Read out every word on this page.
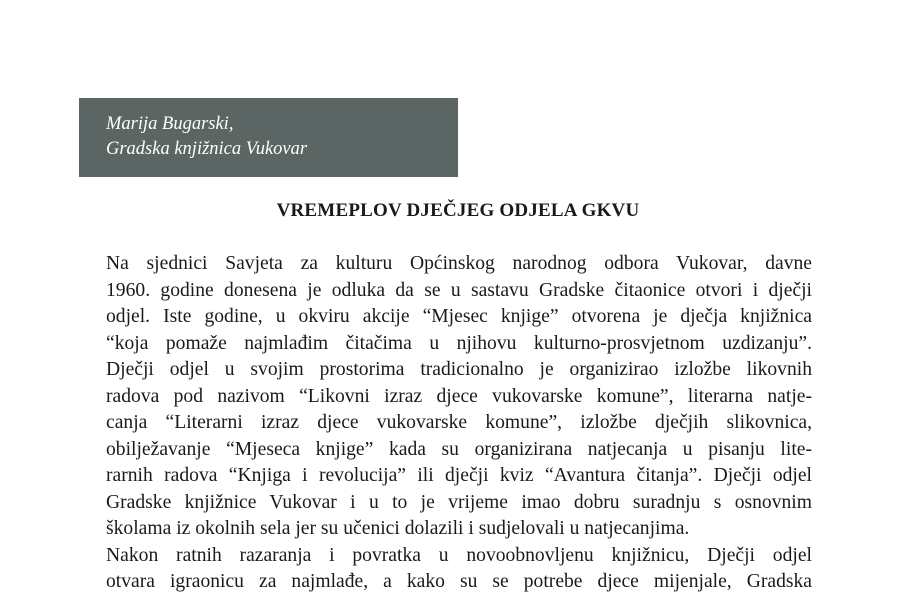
Marija Bugarski,
Gradska knjižnica Vukovar
VREMEPLOV DJEČJEG ODJELA GKVU
Na sjednici Savjeta za kulturu Općinskog narodnog odbora Vukovar, davne
1960. godine donesena je odluka da se u sastavu Gradske čitaonice otvori i dječji
odjel. Iste godine, u okviru akcije “Mjesec knjige” otvorena je dječja knjižnica
“koja pomaže najmlađim čitačima u njihovu kulturno-prosvjetnom uzdizanju”.
Dječji odjel u svojim prostorima tradicionalno je organizirao izložbe likovnih
radova pod nazivom “Likovni izraz djece vukovarske komune”, literarna natje-
canja “Literarni izraz djece vukovarske komune”, izložbe dječjih slikovnica,
obilježavanje “Mjeseca knjige” kada su organizirana natjecanja u pisanju lite-
rarnih radova “Knjiga i revolucija” ili dječji kviz “Avantura čitanja”. Dječji odjel
Gradske knjižnice Vukovar i u to je vrijeme imao dobru suradnju s osnovnim
školama iz okolnih sela jer su učenici dolazili i sudjelovali u natjecanjima.
Nakon ratnih razaranja i povratka u novoobnovljenu knjižnicu, Dječji odjel
otvara igraonicu za najmlađe, a kako su se potrebe djece mijenjale, Gradska
